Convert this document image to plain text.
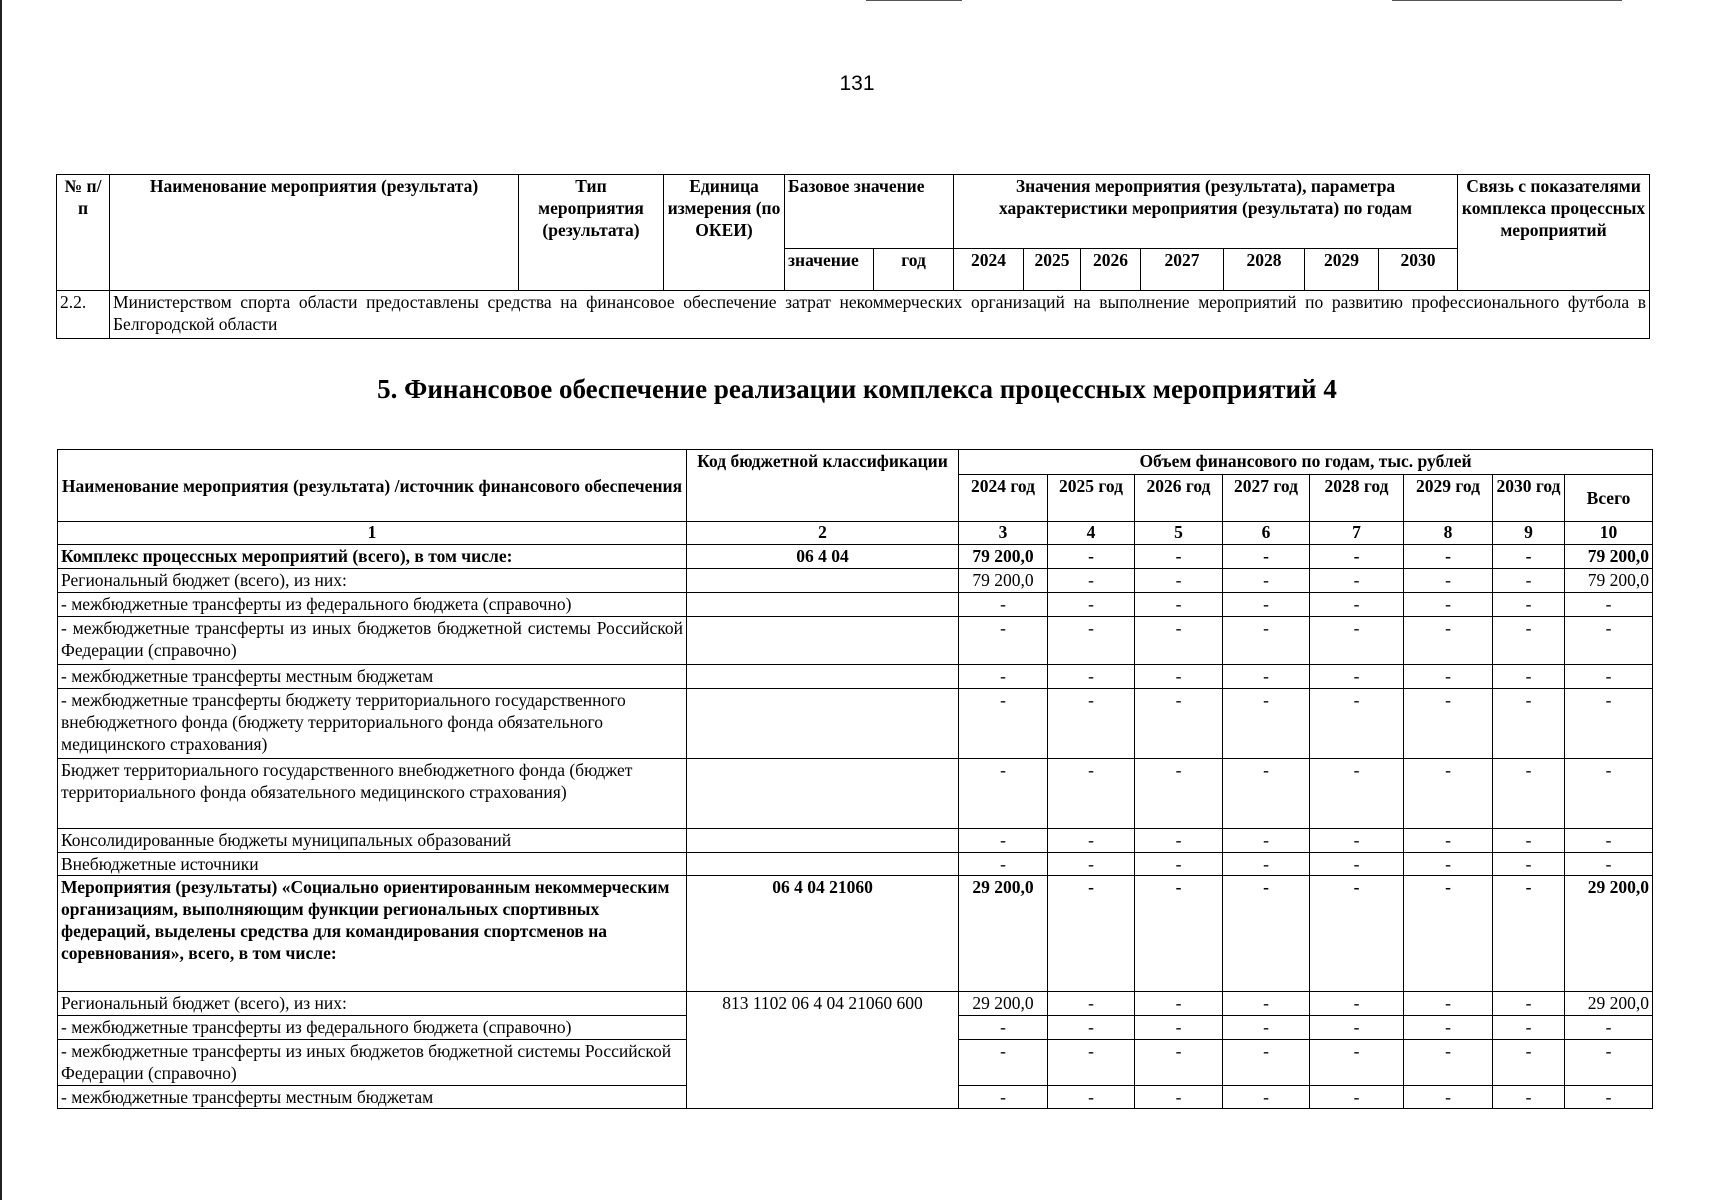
131
№ п/п	Наименование мероприятия (результата)	Тип мероприятия (результата)	Единица измерения (по ОКЕИ)	Базовое значение		Значения мероприятия (результата), параметра характеристики мероприятия (результата) по годам							Связь с показателями комплекса процессных мероприятий
				значение	год	2024	2025	2026	2027	2028	2029	2030	
2.2.	Министерством спорта области предоставлены средства на финансовое обеспечение затрат некоммерческих организаций на выполнение мероприятий по развитию профессионального футбола в Белгородской области												
5. Финансовое обеспечение реализации комплекса процессных мероприятий 4
Наименование мероприятия (результата) /источник финансового обеспечения	Код бюджетной классификации	Объем финансового по годам, тыс. рублей							
		2024 год	2025 год	2026 год	2027 год	2028 год	2029 год	2030 год	Всего
1	2	3	4	5	6	7	8	9	10
Комплекс процессных мероприятий (всего), в том числе:	06 4 04	79 200,0	-	-	-	-	-	-	79 200,0
Региональный бюджет (всего), из них:		79 200,0	-	-	-	-	-	-	79 200,0
- межбюджетные трансферты из федерального бюджета (справочно)		-	-	-	-	-	-	-	-
- межбюджетные трансферты из иных бюджетов бюджетной системы Российской Федерации (справочно)		-	-	-	-	-	-	-	-
- межбюджетные трансферты местным бюджетам		-	-	-	-	-	-	-	-
- межбюджетные трансферты бюджету территориального государственного внебюджетного фонда (бюджету территориального фонда обязательного медицинского страхования)		-	-	-	-	-	-	-	-
Бюджет территориального государственного внебюджетного фонда (бюджет территориального фонда обязательного медицинского страхования)		-	-	-	-	-	-	-	-
Консолидированные бюджеты муниципальных образований		-	-	-	-	-	-	-	-
Внебюджетные источники		-	-	-	-	-	-	-	-
Мероприятия (результаты) «Социально ориентированным некоммерческим организациям, выполняющим функции региональных спортивных федераций, выделены средства для командирования спортсменов на соревнования», всего, в том числе:	06 4 04 21060	29 200,0	-	-	-	-	-	-	29 200,0
Региональный бюджет (всего), из них:	813 1102 06 4 04 21060 600	29 200,0	-	-	-	-	-	-	29 200,0
- межбюджетные трансферты из федерального бюджета (справочно)		-	-	-	-	-	-	-	-
- межбюджетные трансферты из иных бюджетов бюджетной системы Российской Федерации (справочно)		-	-	-	-	-	-	-	-
- межбюджетные трансферты местным бюджетам		-	-	-	-	-	-	-	-
